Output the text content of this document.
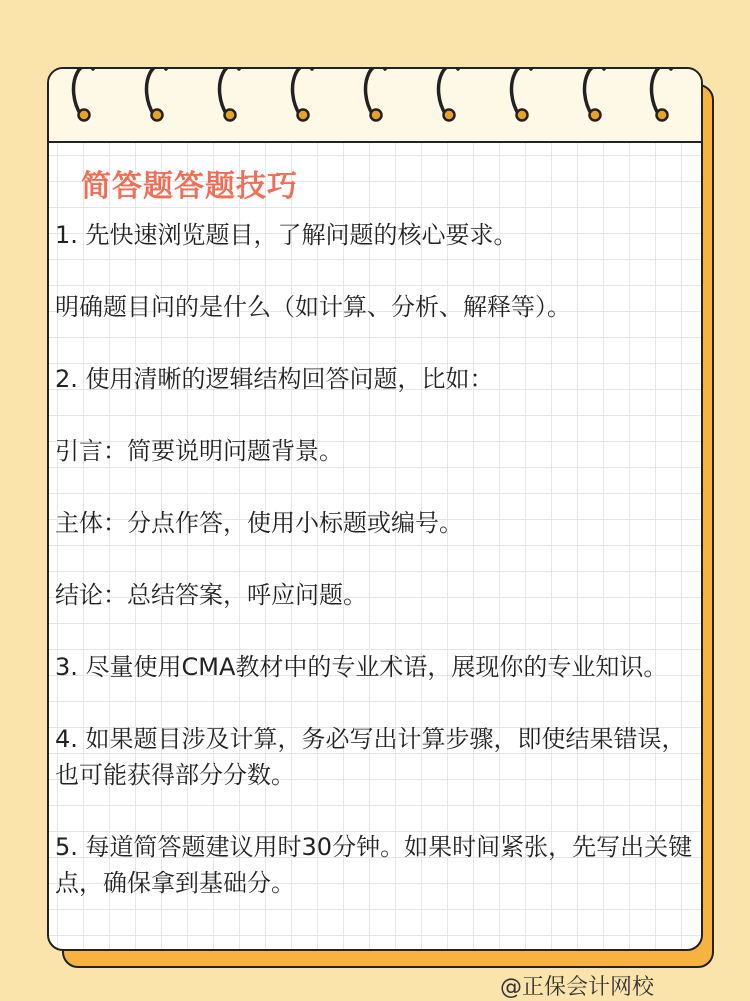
简答题答题技巧

1. 先快速浏览题目，了解问题的核心要求。

明确题目问的是什么（如计算、分析、解释等）。

2. 使用清晰的逻辑结构回答问题，比如：

引言：简要说明问题背景。

主体：分点作答，使用小标题或编号。

结论：总结答案，呼应问题。

3. 尽量使用CMA教材中的专业术语，展现你的专业知识。

4. 如果题目涉及计算，务必写出计算步骤，即使结果错误，也可能获得部分分数。

5. 每道简答题建议用时30分钟。如果时间紧张，先写出关键点，确保拿到基础分。

@正保会计网校
